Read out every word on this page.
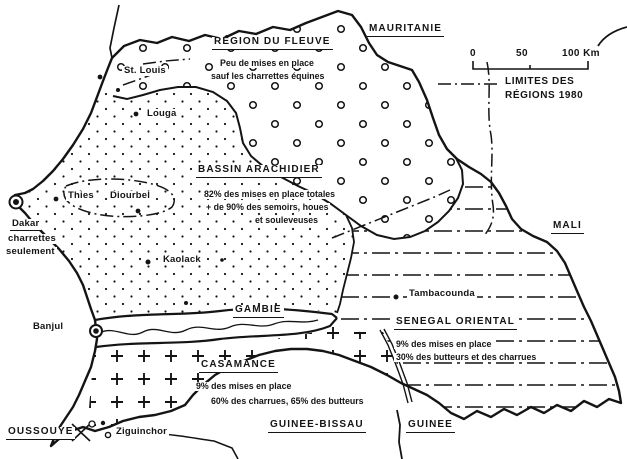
MAURITANIE
MALI
GAMBIE
GUINEE-BISSAU	GUINEE
RÉGION DU FLEUVE
Peu de mises en place
sauf les charrettes équines
BASSIN ARACHIDIER
82% des mises en place totales
+ de 90% des semoirs, houes
et souleveuses
SENEGAL ORIENTAL
9% des mises en place
30% des butteurs et des charrues
CASAMANCE
9% des mises en place
60% des charrues, 65% des butteurs
St. Louis
Louga
Thies Diourbel
Kaolack
Tambacounda
Dakar
charrettes
seulement
Banjul
Ziguinchor
OUSSOUYE
0	50	100 Km
LIMITES DES
RÉGIONS 1980
